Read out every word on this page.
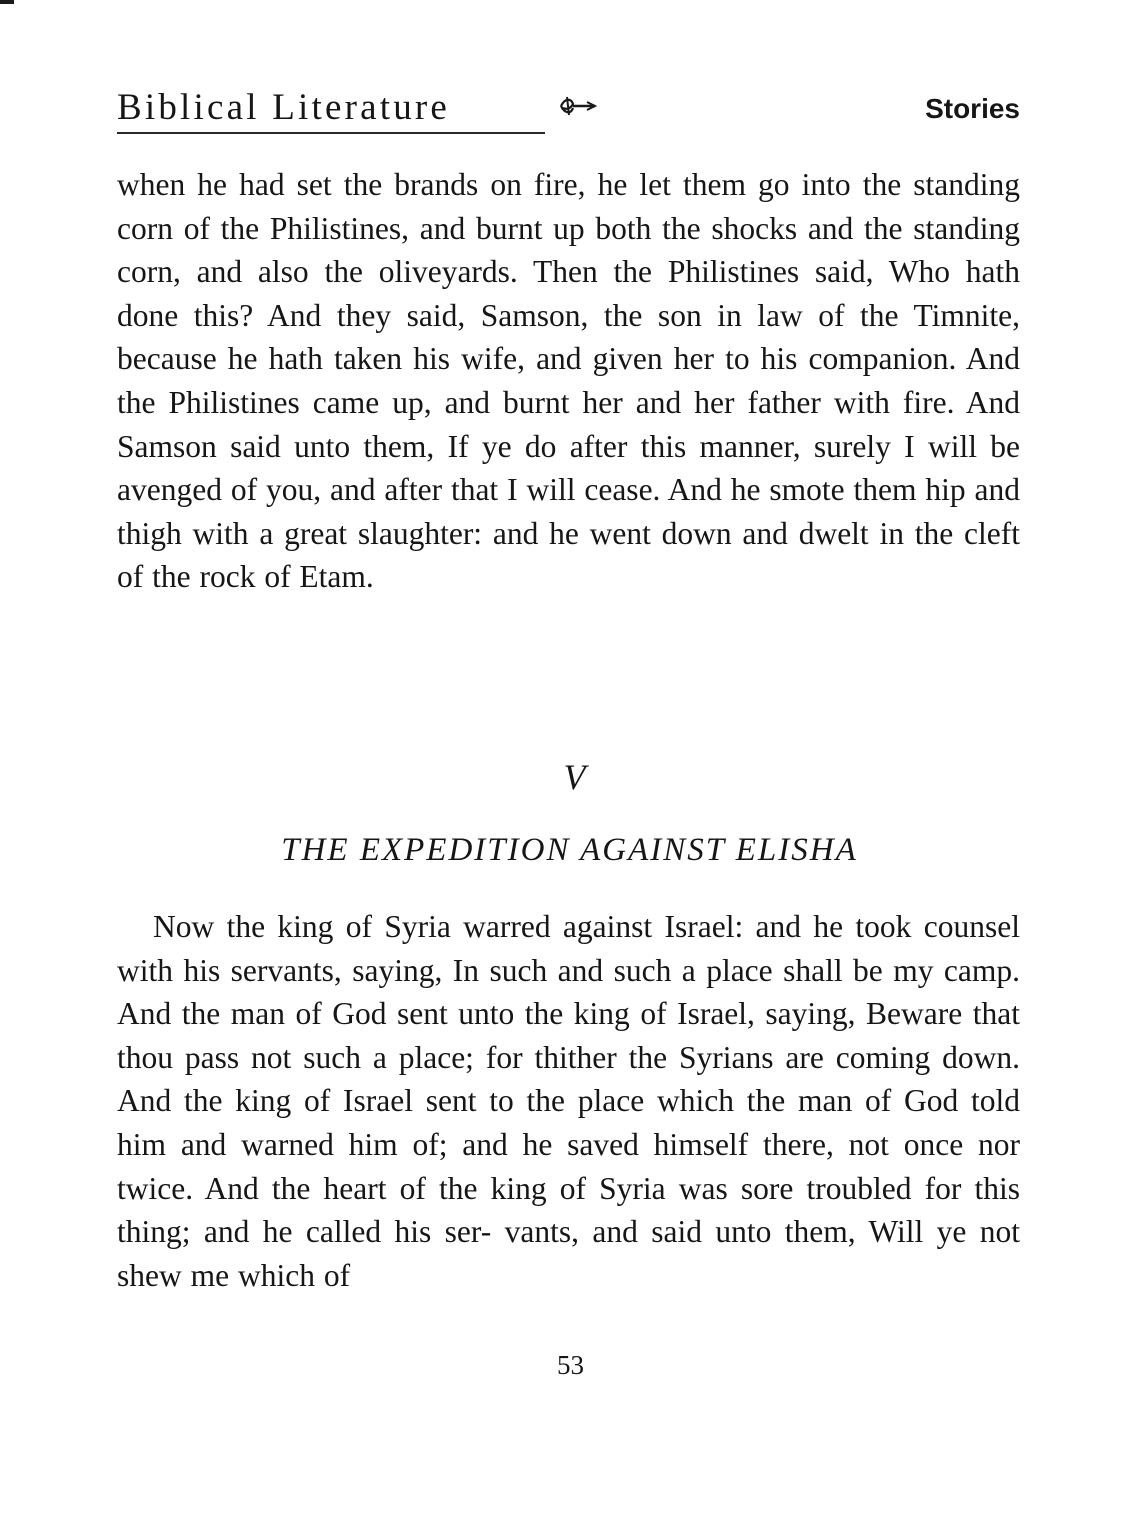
Biblical Literature	Stories

when he had set the brands on fire, he let them go into the standing corn of the Philistines, and burnt up both the shocks and the standing corn, and also the oliveyards. Then the Philistines said, Who hath done this? And they said, Samson, the son in law of the Timnite, because he hath taken his wife, and given her to his companion. And the Philistines came up, and burnt her and her father with fire. And Samson said unto them, If ye do after this manner, surely I will be avenged of you, and after that I will cease. And he smote them hip and thigh with a great slaughter: and he went down and dwelt in the cleft of the rock of Etam.

V

THE EXPEDITION AGAINST ELISHA

Now the king of Syria warred against Israel: and he took counsel with his servants, saying, In such and such a place shall be my camp. And the man of God sent unto the king of Israel, saying, Beware that thou pass not such a place; for thither the Syrians are coming down. And the king of Israel sent to the place which the man of God told him and warned him of; and he saved himself there, not once nor twice. And the heart of the king of Syria was sore troubled for this thing; and he called his ser- vants, and said unto them, Will ye not shew me which of

53
